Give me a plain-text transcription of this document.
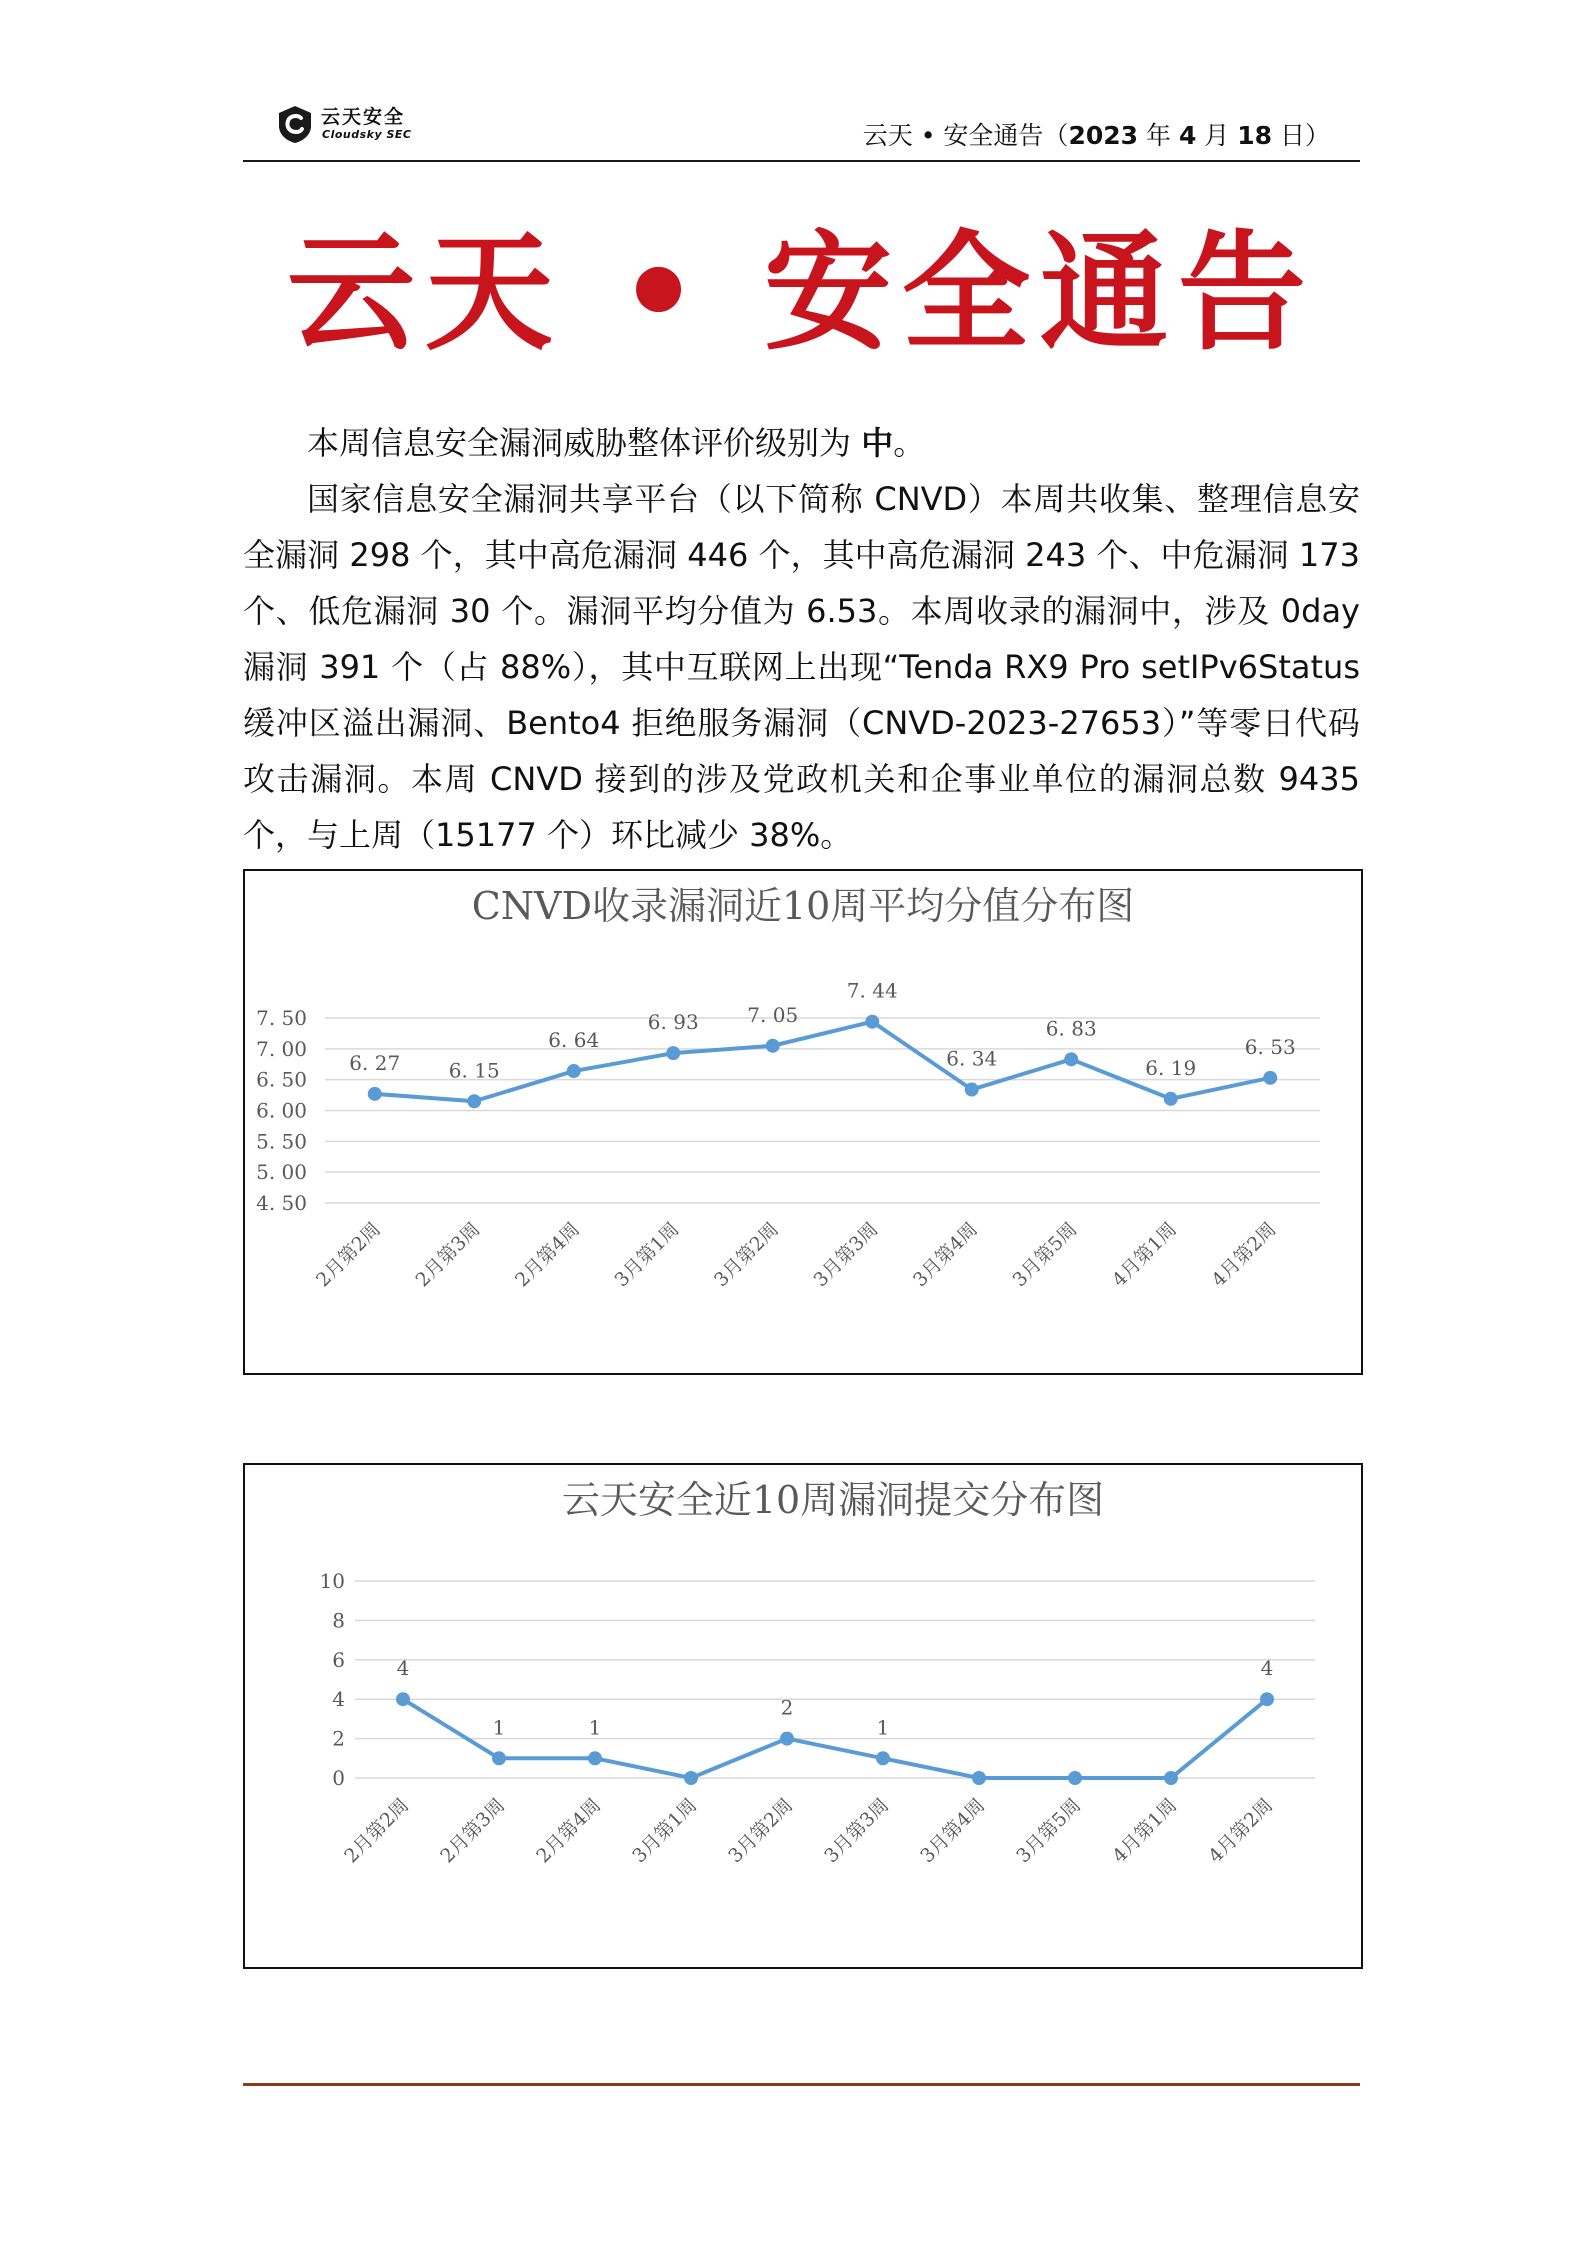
云天安全
Cloudsky SEC	云天 • 安全通告（2023 年 4 月 18 日）
云天 • 安全通告
本周信息安全漏洞威胁整体评价级别为 中。
国家信息安全漏洞共享平台（以下简称 CNVD）本周共收集、整理信息安全漏洞 298 个，其中高危漏洞 446 个，其中高危漏洞 243 个、中危漏洞 173 个、低危漏洞 30 个。漏洞平均分值为 6.53。本周收录的漏洞中，涉及 0day 漏洞 391 个（占 88%），其中互联网上出现“Tenda RX9 Pro setIPv6Status 缓冲区溢出漏洞、Bento4 拒绝服务漏洞（CNVD-2023-27653）”等零日代码攻击漏洞。本周 CNVD 接到的涉及党政机关和企事业单位的漏洞总数 9435 个，与上周（15177 个）环比减少 38%。
CNVD收录漏洞近10周平均分值分布图
4. 50
5. 00
5. 50
6. 00
6. 50
7. 00
7. 50
6. 27 6. 15
6. 64
6. 93 7. 05
7. 44
6. 34
6. 83
6. 19
6. 53
2月第2周 2月第3周 2月第4周 3月第1周 3月第2周 3月第3周 3月第4周 3月第5周 4月第1周 4月第2周
云天安全近10周漏洞提交分布图
0
2
4
6
8
10
4
1	1
2
1
4
2月第2周 2月第3周 2月第4周 3月第1周 3月第2周 3月第3周 3月第4周 3月第5周 4月第1周 4月第2周
